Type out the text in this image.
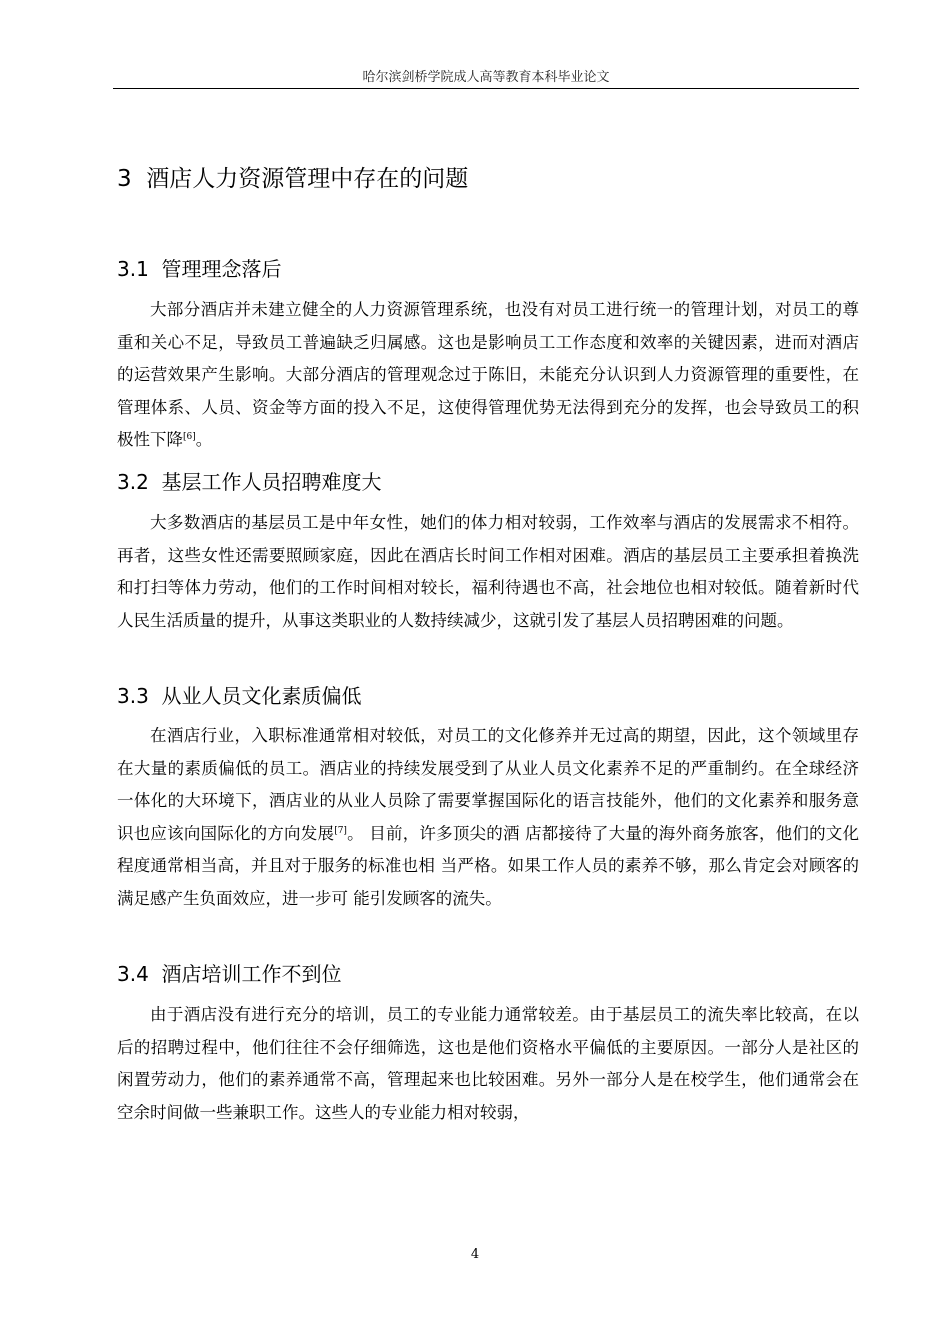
哈尔滨剑桥学院成人高等教育本科毕业论文
3 酒店人力资源管理中存在的问题
3.1 管理理念落后

大部分酒店并未建立健全的人力资源管理系统，也没有对员工进行统一的管理计划，对员工的尊重和关心不足，导致员工普遍缺乏归属感。这也是影响员工工作态度和效率的关键因素，进而对酒店的运营效果产生影响。大部分酒店的管理观念过于陈旧，未能充分认识到人力资源管理的重要性，在管理体系、人员、资金等方面的投入不足，这使得管理优势无法得到充分的发挥，也会导致员工的积极性下降[6]。

3.2 基层工作人员招聘难度大

大多数酒店的基层员工是中年女性，她们的体力相对较弱，工作效率与酒店的发展需求不相符。再者，这些女性还需要照顾家庭，因此在酒店长时间工作相对困难。酒店的基层员工主要承担着换洗和打扫等体力劳动，他们的工作时间相对较长，福利待遇也不高，社会地位也相对较低。随着新时代人民生活质量的提升，从事这类职业的人数持续减少，这就引发了基层人员招聘困难的问题。

3.3 从业人员文化素质偏低

在酒店行业，入职标准通常相对较低，对员工的文化修养并无过高的期望，因此，这个领域里存在大量的素质偏低的员工。酒店业的持续发展受到了从业人员文化素养不足的严重制约。在全球经济一体化的大环境下，酒店业的从业人员除了需要掌握国际化的语言技能外，他们的文化素养和服务意识也应该向国际化的方向发展[7]。 目前，许多顶尖的酒 店都接待了大量的海外商务旅客，他们的文化程度通常相当高，并且对于服务的标准也相 当严格。如果工作人员的素养不够，那么肯定会对顾客的满足感产生负面效应，进一步可 能引发顾客的流失。

3.4 酒店培训工作不到位

由于酒店没有进行充分的培训，员工的专业能力通常较差。由于基层员工的流失率比较高，在以后的招聘过程中，他们往往不会仔细筛选，这也是他们资格水平偏低的主要原因。一部分人是社区的闲置劳动力，他们的素养通常不高，管理起来也比较困难。另外一部分人是在校学生，他们通常会在空余时间做一些兼职工作。这些人的专业能力相对较弱，

4
